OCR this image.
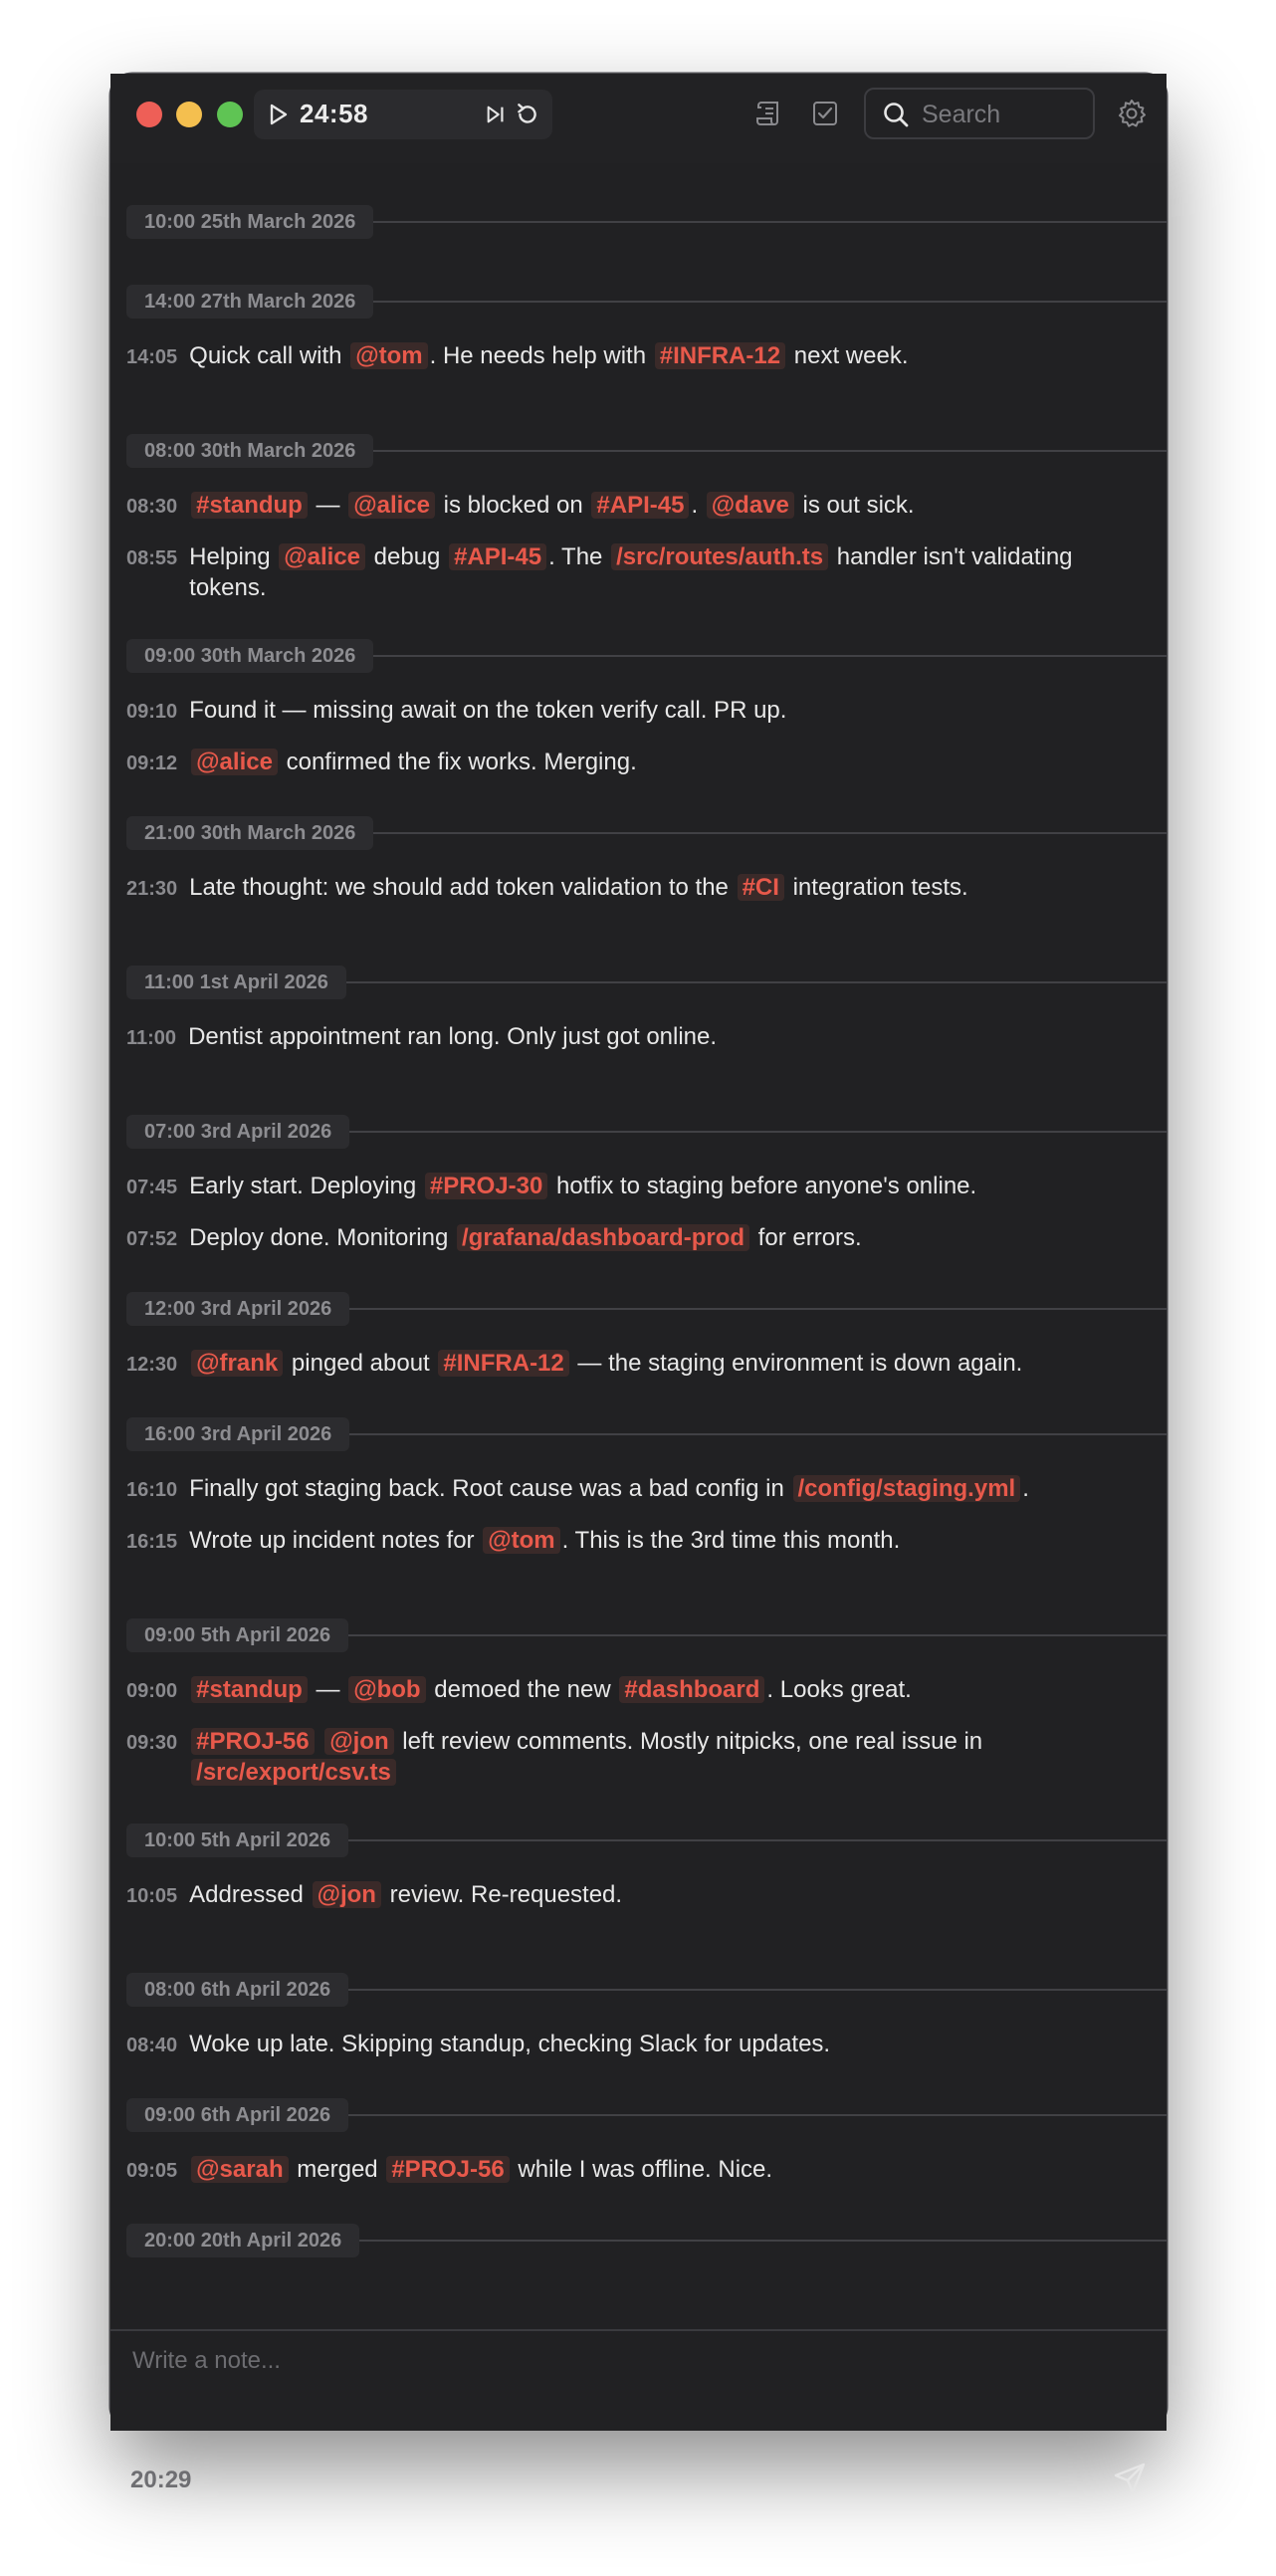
24:58
Search
10:00 25th March 2026
14:00 27th March 2026
14:05 Quick call with @tom . He needs help with #INFRA-12 next week.
08:00 30th March 2026
08:30 #standup — @alice is blocked on #API-45 . @dave is out sick.
08:55 Helping @alice debug #API-45 . The /src/routes/auth.ts handler isn't validating tokens.
09:00 30th March 2026
09:10 Found it — missing await on the token verify call. PR up.
09:12 @alice confirmed the fix works. Merging.
21:00 30th March 2026
21:30 Late thought: we should add token validation to the #CI integration tests.
11:00 1st April 2026
11:00 Dentist appointment ran long. Only just got online.
07:00 3rd April 2026
07:45 Early start. Deploying #PROJ-30 hotfix to staging before anyone's online.
07:52 Deploy done. Monitoring /grafana/dashboard-prod for errors.
12:00 3rd April 2026
12:30 @frank pinged about #INFRA-12 — the staging environment is down again.
16:00 3rd April 2026
16:10 Finally got staging back. Root cause was a bad config in /config/staging.yml .
16:15 Wrote up incident notes for @tom . This is the 3rd time this month.
09:00 5th April 2026
09:00 #standup — @bob demoed the new #dashboard . Looks great.
09:30 #PROJ-56 @jon left review comments. Mostly nitpicks, one real issue in /src/export/csv.ts
10:00 5th April 2026
10:05 Addressed @jon review. Re-requested.
08:00 6th April 2026
08:40 Woke up late. Skipping standup, checking Slack for updates.
09:00 6th April 2026
09:05 @sarah merged #PROJ-56 while I was offline. Nice.
20:00 20th April 2026
Write a note...
20:29
